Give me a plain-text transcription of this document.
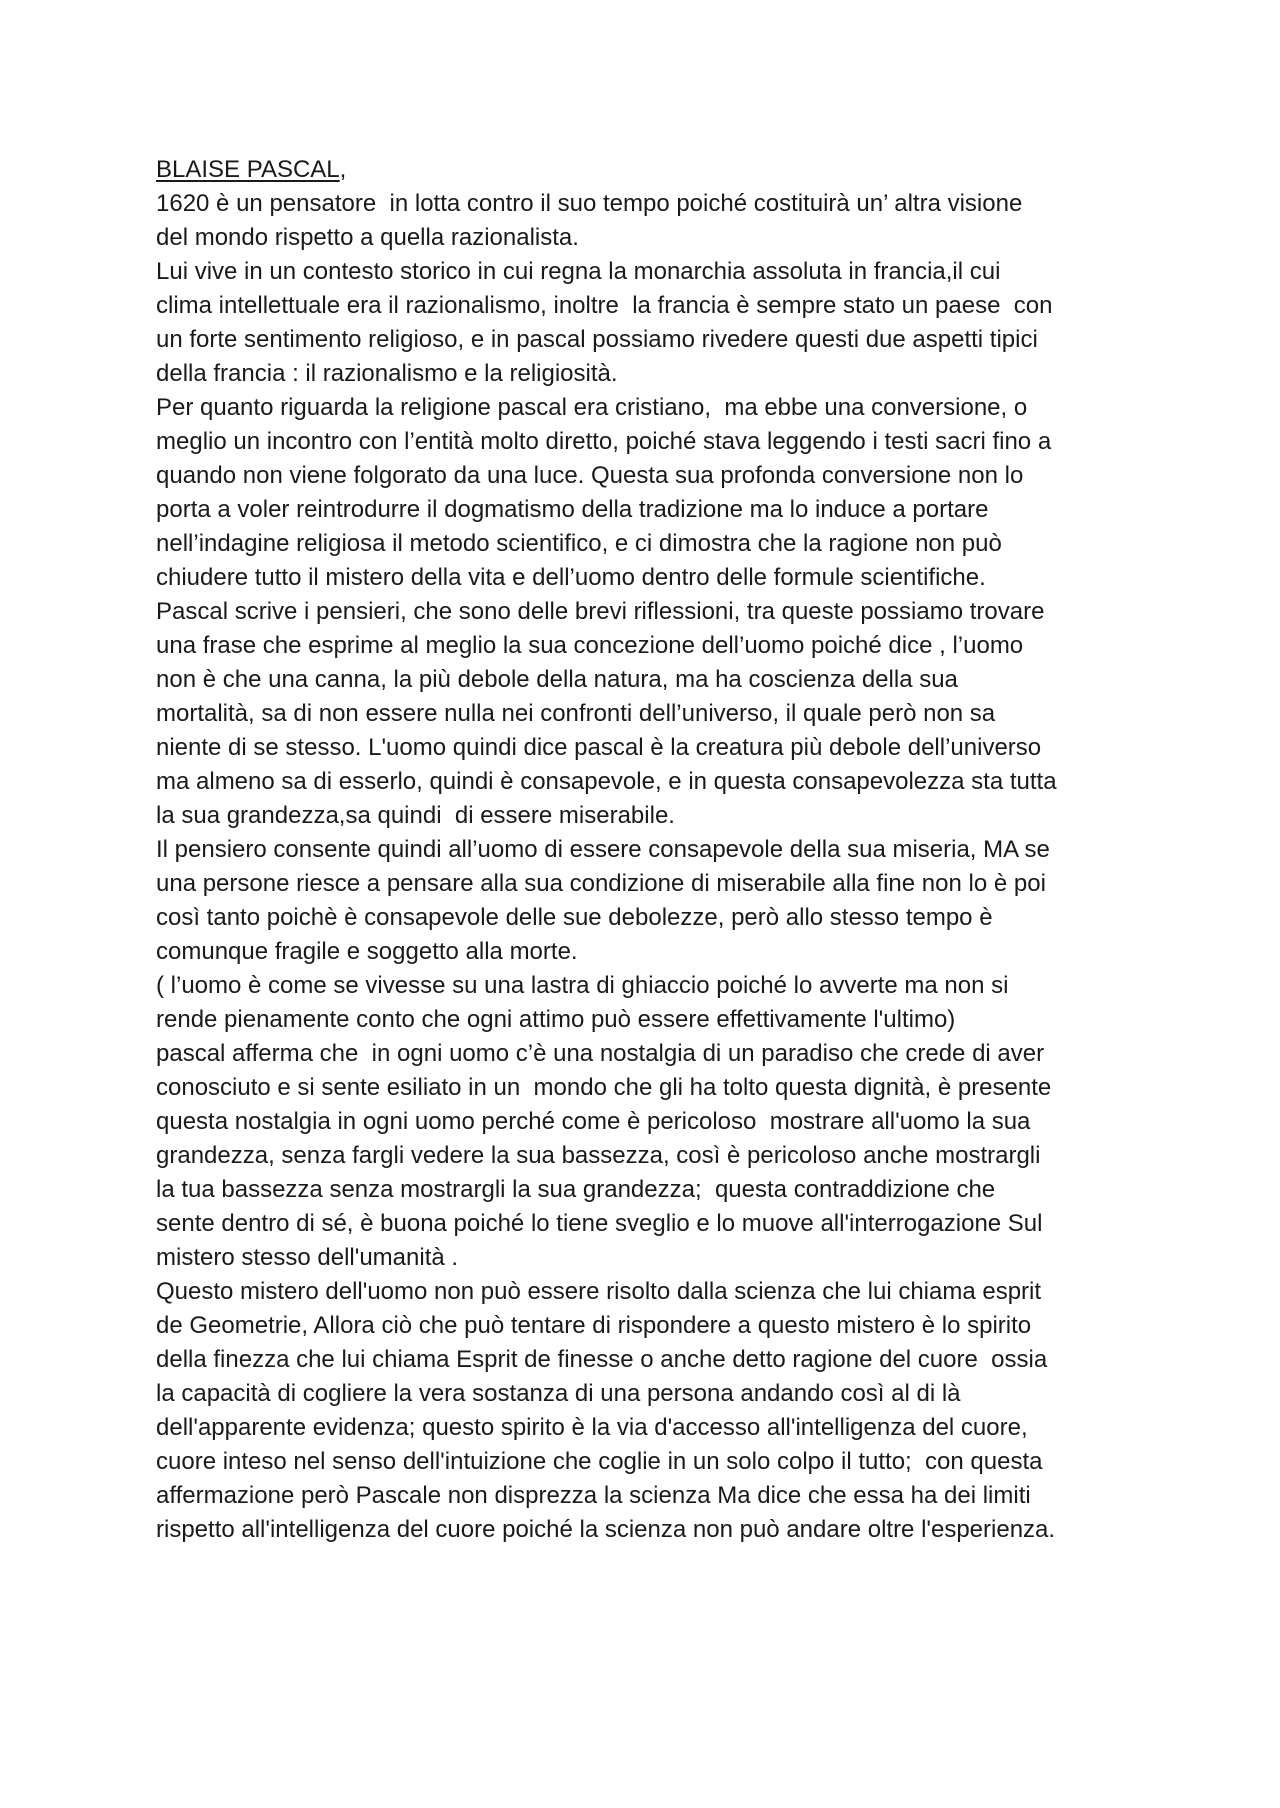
BLAISE PASCAL,
1620 è un pensatore  in lotta contro il suo tempo poiché costituirà un’ altra visione
del mondo rispetto a quella razionalista.
Lui vive in un contesto storico in cui regna la monarchia assoluta in francia,il cui
clima intellettuale era il razionalismo, inoltre  la francia è sempre stato un paese  con
un forte sentimento religioso, e in pascal possiamo rivedere questi due aspetti tipici
della francia : il razionalismo e la religiosità.
Per quanto riguarda la religione pascal era cristiano,  ma ebbe una conversione, o
meglio un incontro con l’entità molto diretto, poiché stava leggendo i testi sacri fino a
quando non viene folgorato da una luce. Questa sua profonda conversione non lo
porta a voler reintrodurre il dogmatismo della tradizione ma lo induce a portare
nell’indagine religiosa il metodo scientifico, e ci dimostra che la ragione non può
chiudere tutto il mistero della vita e dell’uomo dentro delle formule scientifiche.
Pascal scrive i pensieri, che sono delle brevi riflessioni, tra queste possiamo trovare
una frase che esprime al meglio la sua concezione dell’uomo poiché dice , l’uomo
non è che una canna, la più debole della natura, ma ha coscienza della sua
mortalità, sa di non essere nulla nei confronti dell’universo, il quale però non sa
niente di se stesso. L'uomo quindi dice pascal è la creatura più debole dell’universo
ma almeno sa di esserlo, quindi è consapevole, e in questa consapevolezza sta tutta
la sua grandezza,sa quindi  di essere miserabile.
Il pensiero consente quindi all’uomo di essere consapevole della sua miseria, MA se
una persone riesce a pensare alla sua condizione di miserabile alla fine non lo è poi
così tanto poichè è consapevole delle sue debolezze, però allo stesso tempo è
comunque fragile e soggetto alla morte.
( l’uomo è come se vivesse su una lastra di ghiaccio poiché lo avverte ma non si
rende pienamente conto che ogni attimo può essere effettivamente l'ultimo)
pascal afferma che  in ogni uomo c’è una nostalgia di un paradiso che crede di aver
conosciuto e si sente esiliato in un  mondo che gli ha tolto questa dignità, è presente
questa nostalgia in ogni uomo perché come è pericoloso  mostrare all'uomo la sua
grandezza, senza fargli vedere la sua bassezza, così è pericoloso anche mostrargli
la tua bassezza senza mostrargli la sua grandezza;  questa contraddizione che
sente dentro di sé, è buona poiché lo tiene sveglio e lo muove all'interrogazione Sul
mistero stesso dell'umanità .
Questo mistero dell'uomo non può essere risolto dalla scienza che lui chiama esprit
de Geometrie, Allora ciò che può tentare di rispondere a questo mistero è lo spirito
della finezza che lui chiama Esprit de finesse o anche detto ragione del cuore  ossia
la capacità di cogliere la vera sostanza di una persona andando così al di là
dell'apparente evidenza; questo spirito è la via d'accesso all'intelligenza del cuore,
cuore inteso nel senso dell'intuizione che coglie in un solo colpo il tutto;  con questa
affermazione però Pascale non disprezza la scienza Ma dice che essa ha dei limiti
rispetto all'intelligenza del cuore poiché la scienza non può andare oltre l'esperienza.
